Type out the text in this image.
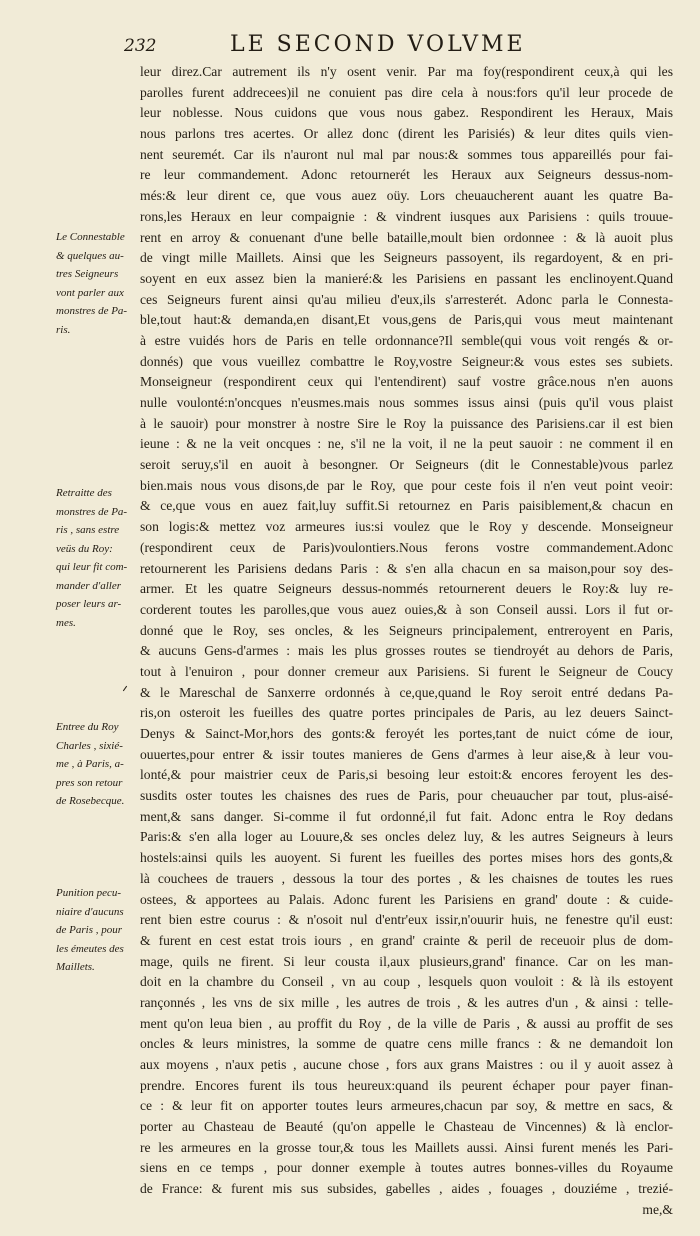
232	LE SECOND VOLVME
leur direz.Car autrement ils n'y osent venir. Par ma foy(respondirent ceux,à qui les
parolles furent addrecees)il ne conuient pas dire cela à nous:fors qu'il leur procede de
leur noblesse. Nous cuidons que vous nous gabez. Respondirent les Heraux, Mais
nous parlons tres acertes. Or allez donc (dirent les Parisiés) & leur dites quils vien-
nent seuremét. Car ils n'auront nul mal par nous:& sommes tous appareillés pour fai-
re leur commandement. Adonc retournerét les Heraux aux Seigneurs dessus-nom-
més:& leur dirent ce, que vous auez oüy. Lors cheuaucherent auant les quatre Ba-
rons,les Heraux en leur compaignie : & vindrent iusques aux Parisiens : quils trouue-
rent en arroy & conuenant d'une belle bataille,moult bien ordonnee : & là auoit plus
de vingt mille Maillets. Ainsi que les Seigneurs passoyent, ils regardoyent, & en pri-
soyent en eux assez bien la manieré:& les Parisiens en passant les enclinoyent.Quand
ces Seigneurs furent ainsi qu'au milieu d'eux,ils s'arresterét. Adonc parla le Connesta-
ble,tout haut:& demanda,en disant,Et vous,gens de Paris,qui vous meut maintenant
à estre vuidés hors de Paris en telle ordonnance?Il semble(qui vous voit rengés & or-
donnés) que vous vueillez combattre le Roy,vostre Seigneur:& vous estes ses subiets.
Monseigneur (respondirent ceux qui l'entendirent) sauf vostre grâce.nous n'en auons
nulle voulonté:n'oncques n'eusmes.mais nous sommes issus ainsi (puis qu'il vous plaist
à le sauoir) pour monstrer à nostre Sire le Roy la puissance des Parisiens.car il est bien
ieune : & ne la veit oncques : ne, s'il ne la voit, il ne la peut sauoir : ne comment il en
seroit seruy,s'il en auoit à besongner. Or Seigneurs (dit le Connestable)vous parlez
bien.mais nous vous disons,de par le Roy, que pour ceste fois il n'en veut point veoir:
& ce,que vous en auez fait,luy suffit.Si retournez en Paris paisiblement,& chacun en
son logis:& mettez voz armeures ius:si voulez que le Roy y descende. Monseigneur
(respondirent ceux de Paris)voulontiers.Nous ferons vostre commandement.Adonc
retournerent les Parisiens dedans Paris : & s'en alla chacun en sa maison,pour soy des-
armer. Et les quatre Seigneurs dessus-nommés retournerent deuers le Roy:& luy re-
corderent toutes les parolles,que vous auez ouies,& à son Conseil aussi. Lors il fut or-
donné que le Roy, ses oncles, & les Seigneurs principalement, entreroyent en Paris,
& aucuns Gens-d'armes : mais les plus grosses routes se tiendroyét au dehors de Paris,
tout à l'enuiron , pour donner cremeur aux Parisiens. Si furent le Seigneur de Coucy
& le Mareschal de Sanxerre ordonnés à ce,que,quand le Roy seroit entré dedans Pa-
ris,on osteroit les fueilles des quatre portes principales de Paris, au lez deuers Sainct-
Denys & Sainct-Mor,hors des gonts:& feroyét les portes,tant de nuict cóme de iour,
ouuertes,pour entrer & issir toutes manieres de Gens d'armes à leur aise,& à leur vou-
lonté,& pour maistrier ceux de Paris,si besoing leur estoit:& encores feroyent les des-
susdits oster toutes les chaisnes des rues de Paris, pour cheuaucher par tout, plus-aisé-
ment,& sans danger. Si-comme il fut ordonné,il fut fait. Adonc entra le Roy dedans
Paris:& s'en alla loger au Louure,& ses oncles delez luy, & les autres Seigneurs à leurs
hostels:ainsi quils les auoyent. Si furent les fueilles des portes mises hors des gonts,&
là couchees de trauers , dessous la tour des portes , & les chaisnes de toutes les rues
ostees, & apportees au Palais. Adonc furent les Parisiens en grand' doute : & cuide-
rent bien estre courus : & n'osoit nul d'entr'eux issir,n'ouurir huis, ne fenestre qu'il eust:
& furent en cest estat trois iours , en grand' crainte & peril de receuoir plus de dom-
mage, quils ne firent. Si leur cousta il,aux plusieurs,grand' finance. Car on les man-
doit en la chambre du Conseil , vn au coup , lesquels quon vouloit : & là ils estoyent
rançonnés , les vns de six mille , les autres de trois , & les autres d'un , & ainsi : telle-
ment qu'on leua bien , au proffit du Roy , de la ville de Paris , & aussi au proffit de ses
oncles & leurs ministres, la somme de quatre cens mille francs : & ne demandoit lon
aux moyens , n'aux petis , aucune chose , fors aux grans Maistres : ou il y auoit assez à
prendre. Encores furent ils tous heureux:quand ils peurent échaper pour payer finan-
ce : & leur fit on apporter toutes leurs armeures,chacun par soy, & mettre en sacs, &
porter au Chasteau de Beauté (qu'on appelle le Chasteau de Vincennes) & là enclor-
re les armeures en la grosse tour,& tous les Maillets aussi. Ainsi furent menés les Pari-
siens en ce temps , pour donner exemple à toutes autres bonnes-villes du Royaume
de France: & furent mis sus subsides, gabelles , aides , fouages , douziéme , trezié-
me,&
Le Connestable
& quelques au-
tres Seigneurs
vont parler aux
monstres de Pa-
ris.
Retraitte des
monstres de Pa-
ris , sans estre
veüs du Roy:
qui leur fit com-
mander d'aller
poser leurs ar-
mes.
Entree du Roy
Charles , sixié-
me , à Paris, a-
pres son retour
de Rosebecque.
Punition pecu-
niaire d'aucuns
de Paris , pour
les émeutes des
Maillets.
